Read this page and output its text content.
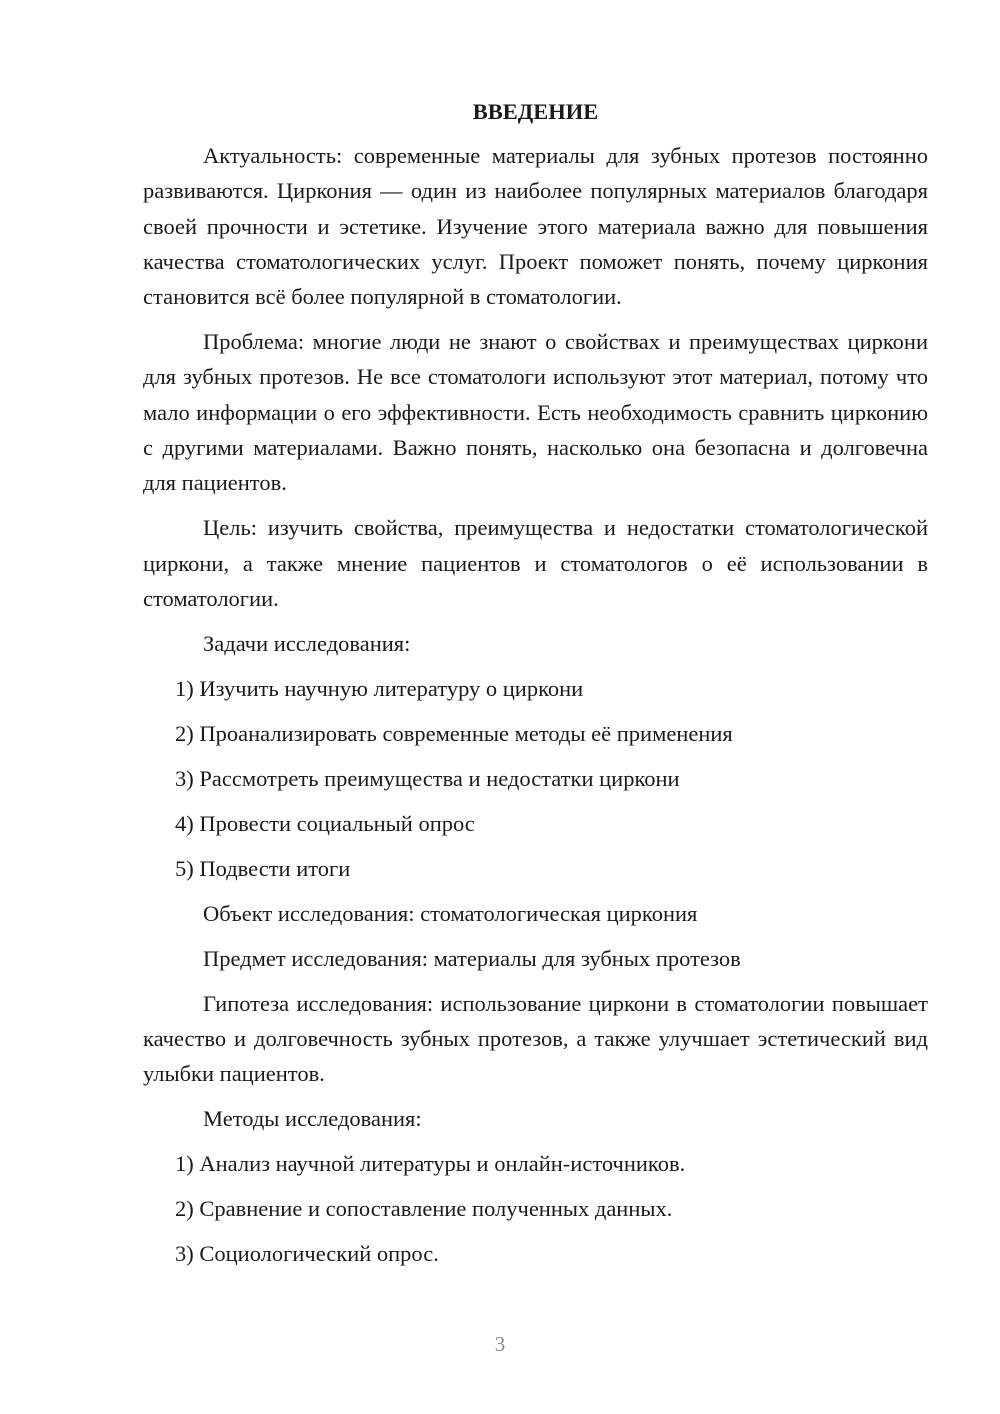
ВВЕДЕНИЕ

Актуальность: современные материалы для зубных протезов постоянно развиваются. Циркония — один из наиболее популярных материалов благодаря своей прочности и эстетике. Изучение этого материала важно для повышения качества стоматологических услуг. Проект поможет понять, почему циркония становится всё более популярной в стоматологии.

Проблема: многие люди не знают о свойствах и преимуществах циркони для зубных протезов. Не все стоматологи используют этот материал, потому что мало информации о его эффективности. Есть необходимость сравнить цирконию с другими материалами. Важно понять, насколько она безопасна и долговечна для пациентов.

Цель: изучить свойства, преимущества и недостатки стоматологической циркони, а также мнение пациентов и стоматологов о её использовании в стоматологии.

Задачи исследования:

1) Изучить научную литературу о циркони
2) Проанализировать современные методы её применения
3) Рассмотреть преимущества и недостатки циркони
4) Провести социальный опрос
5) Подвести итоги

Объект исследования: стоматологическая циркония

Предмет исследования: материалы для зубных протезов

Гипотеза исследования: использование циркони в стоматологии повышает качество и долговечность зубных протезов, а также улучшает эстетический вид улыбки пациентов.

Методы исследования:

1) Анализ научной литературы и онлайн-источников.
2) Сравнение и сопоставление полученных данных.
3) Социологический опрос.
3
